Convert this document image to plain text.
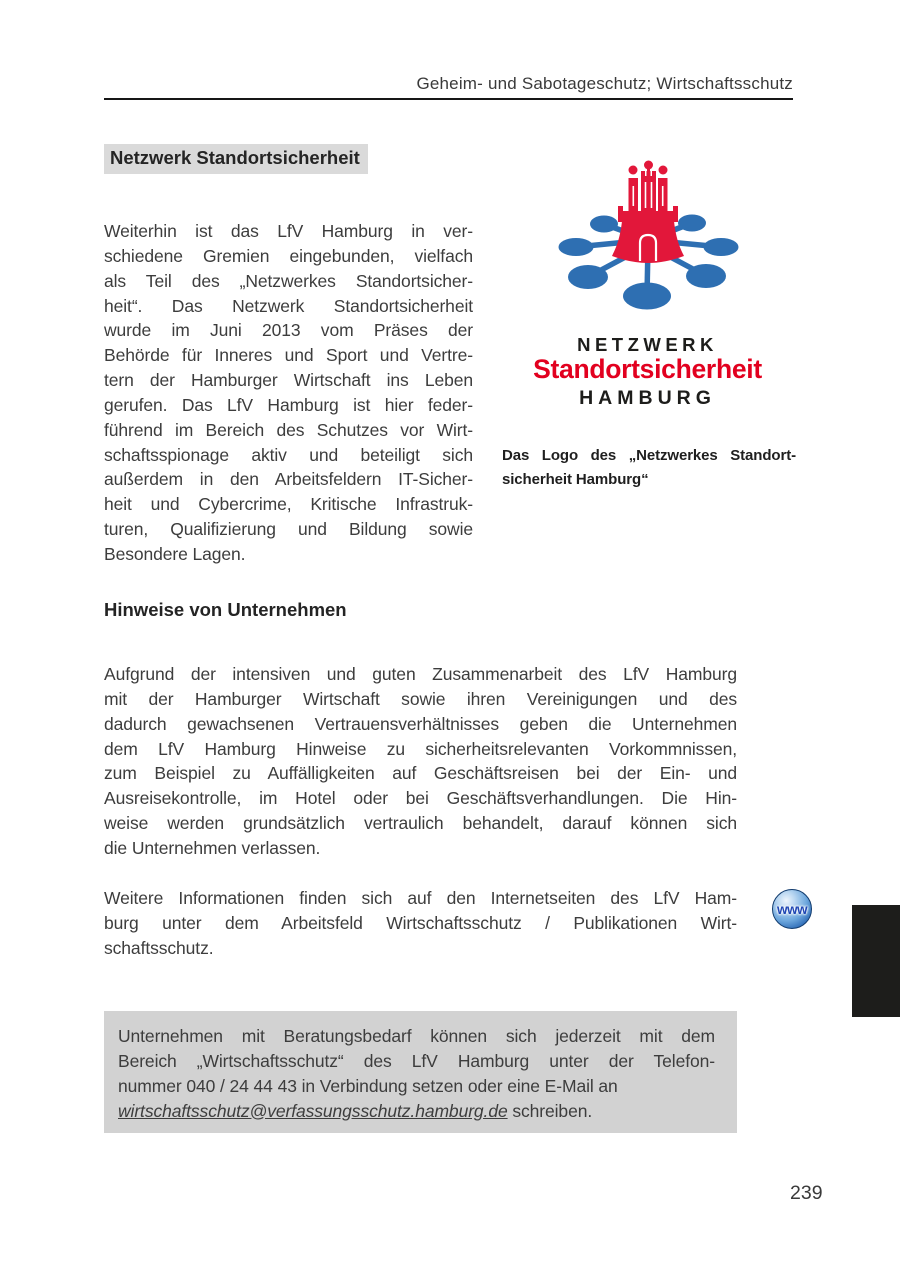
Geheim- und Sabotageschutz; Wirtschaftsschutz
Netzwerk Standortsicherheit
Weiterhin ist das LfV Hamburg in ver-
schiedene Gremien eingebunden, vielfach
als Teil des „Netzwerkes Standortsicher-
heit“. Das Netzwerk Standortsicherheit
wurde im Juni 2013 vom Präses der
Behörde für Inneres und Sport und Vertre-
tern der Hamburger Wirtschaft ins Leben
gerufen. Das LfV Hamburg ist hier feder-
führend im Bereich des Schutzes vor Wirt-
schaftsspionage aktiv und beteiligt sich
außerdem in den Arbeitsfeldern IT-Sicher-
heit und Cybercrime, Kritische Infrastruk-
turen, Qualifizierung und Bildung sowie
Besondere Lagen.
NETZWERK
Standortsicherheit
HAMBURG
Das Logo des „Netzwerkes Standort-
sicherheit Hamburg“
Hinweise von Unternehmen
Aufgrund der intensiven und guten Zusammenarbeit des LfV Hamburg
mit der Hamburger Wirtschaft sowie ihren Vereinigungen und des
dadurch gewachsenen Vertrauensverhältnisses geben die Unternehmen
dem LfV Hamburg Hinweise zu sicherheitsrelevanten Vorkommnissen,
zum Beispiel zu Auffälligkeiten auf Geschäftsreisen bei der Ein- und
Ausreisekontrolle, im Hotel oder bei Geschäftsverhandlungen. Die Hin-
weise werden grundsätzlich vertraulich behandelt, darauf können sich
die Unternehmen verlassen.
Weitere Informationen finden sich auf den Internetseiten des LfV Ham-
burg unter dem Arbeitsfeld Wirtschaftsschutz / Publikationen Wirt-
schaftsschutz.
www
Unternehmen mit Beratungsbedarf können sich jederzeit mit dem
Bereich „Wirtschaftsschutz“ des LfV Hamburg unter der Telefon-
nummer 040 / 24 44 43 in Verbindung setzen oder eine E-Mail an
wirtschaftsschutz@verfassungsschutz.hamburg.de schreiben.
239
